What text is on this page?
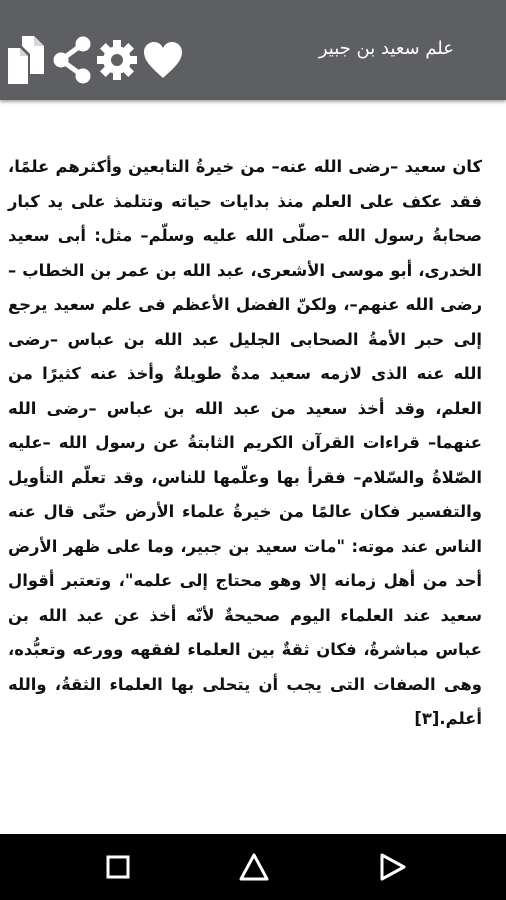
علم سعيد بن جبير

كان سعيد –رضى الله عنه– من خيرةُ التابعين وأكثرهم علمًا، فقد عكف على العلم منذ بدايات حياته وتتلمذ على يد كبار صحابةُ رسول الله –صلّى الله عليه وسلّم– مثل: أبى سعيد الخدرى، أبو موسى الأشعرى، عبد الله بن عمر بن الخطاب –رضى الله عنهم–، ولكنّ الفضل الأعظم فى علم سعيد يرجع إلى حبر الأمةُ الصحابى الجليل عبد الله بن عباس –رضى الله عنه الذى لازمه سعيد مدةٌ طويلةٌ وأخذ عنه كثيرًا من العلم، وقد أخذ سعيد من عبد الله بن عباس –رضى الله عنهما– قراءات القرآن الكريم الثابتةُ عن رسول الله –عليه الصّلاةُ والسّلام– فقرأ بها وعلّمها للناس، وقد تعلّم التأويل والتفسير فكان عالمًا من خيرةُ علماء الأرض حتّى قال عنه الناس عند موته: "مات سعيد بن جبير، وما على ظهر الأرض أحد من أهل زمانه إلا وهو محتاج إلى علمه"، وتعتبر أقوال سعيد عند العلماء اليوم صحيحةٌ لأنّه أخذ عن عبد الله بن عباس مباشرةُ، فكان ثقةٌ بين العلماء لفقهه وورعه وتعبُّده، وهى الصفات التى يجب أن يتحلى بها العلماء الثقةُ، والله أعلم.[٣]
